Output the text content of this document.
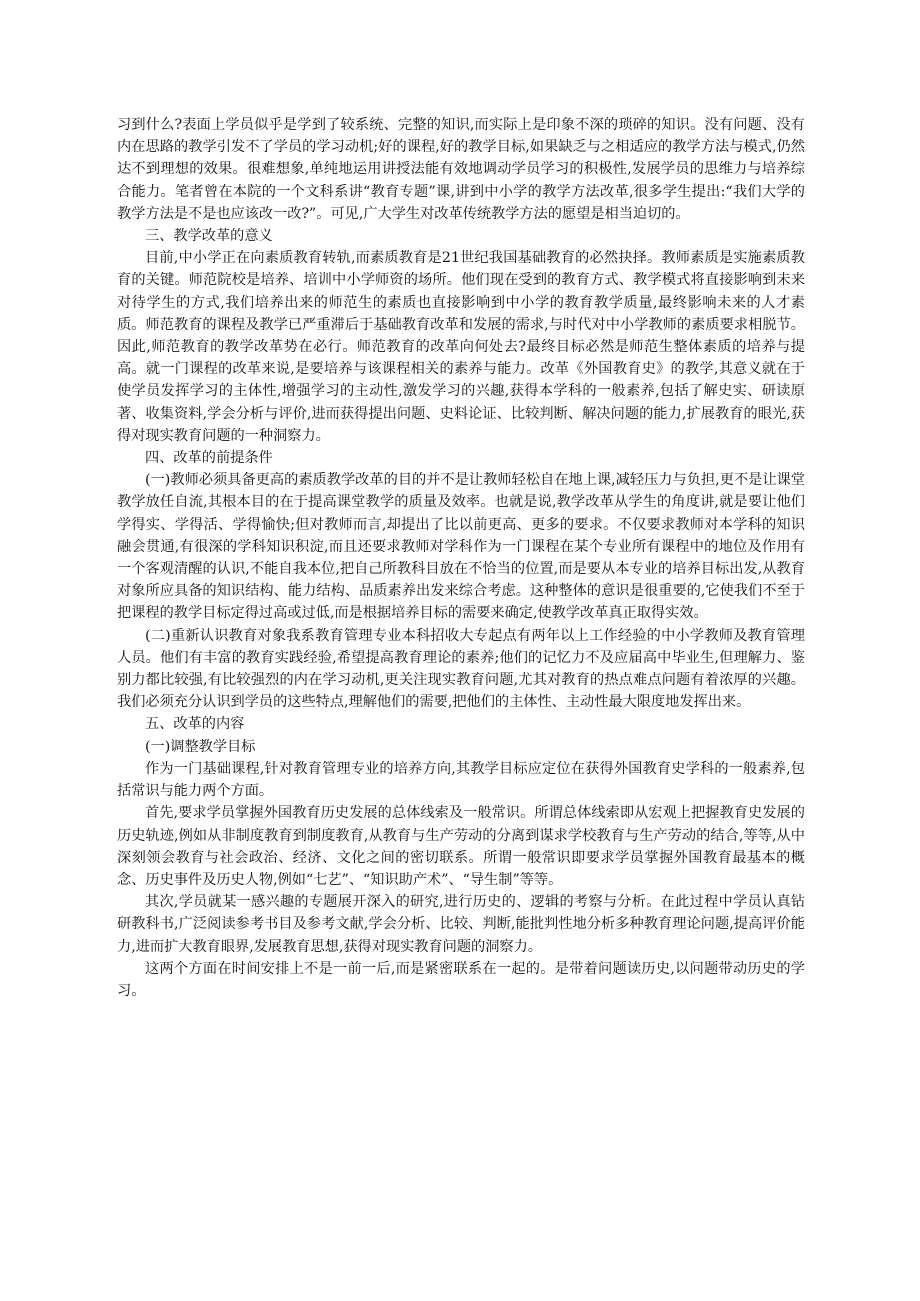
习到什么?表面上学员似乎是学到了较系统、完整的知识,而实际上是印象不深的琐碎的知识。没有问题、没有内在思路的教学引发不了学员的学习动机;好的课程,好的教学目标,如果缺乏与之相适应的教学方法与模式,仍然达不到理想的效果。很难想象,单纯地运用讲授法能有效地调动学员学习的积极性,发展学员的思维力与培养综合能力。笔者曾在本院的一个文科系讲“教育专题”课,讲到中小学的教学方法改革,很多学生提出:“我们大学的教学方法是不是也应该改一改?”。可见,广大学生对改革传统教学方法的愿望是相当迫切的。

三、教学改革的意义

目前,中小学正在向素质教育转轨,而素质教育是21世纪我国基础教育的必然抉择。教师素质是实施素质教育的关键。师范院校是培养、培训中小学师资的场所。他们现在受到的教育方式、教学模式将直接影响到未来对待学生的方式,我们培养出来的师范生的素质也直接影响到中小学的教育教学质量,最终影响未来的人才素质。师范教育的课程及教学已严重滞后于基础教育改革和发展的需求,与时代对中小学教师的素质要求相脱节。因此,师范教育的教学改革势在必行。师范教育的改革向何处去?最终目标必然是师范生整体素质的培养与提高。就一门课程的改革来说,是要培养与该课程相关的素养与能力。改革《外国教育史》的教学,其意义就在于使学员发挥学习的主体性,增强学习的主动性,激发学习的兴趣,获得本学科的一般素养,包括了解史实、研读原著、收集资料,学会分析与评价,进而获得提出问题、史料论证、比较判断、解决问题的能力,扩展教育的眼光,获得对现实教育问题的一种洞察力。

四、改革的前提条件

(一)教师必须具备更高的素质教学改革的目的并不是让教师轻松自在地上课,减轻压力与负担,更不是让课堂教学放任自流,其根本目的在于提高课堂教学的质量及效率。也就是说,教学改革从学生的角度讲,就是要让他们学得实、学得活、学得愉快;但对教师而言,却提出了比以前更高、更多的要求。不仅要求教师对本学科的知识融会贯通,有很深的学科知识积淀,而且还要求教师对学科作为一门课程在某个专业所有课程中的地位及作用有一个客观清醒的认识,不能自我本位,把自己所教科目放在不恰当的位置,而是要从本专业的培养目标出发,从教育对象所应具备的知识结构、能力结构、品质素养出发来综合考虑。这种整体的意识是很重要的,它使我们不至于把课程的教学目标定得过高或过低,而是根据培养目标的需要来确定,使教学改革真正取得实效。

(二)重新认识教育对象我系教育管理专业本科招收大专起点有两年以上工作经验的中小学教师及教育管理人员。他们有丰富的教育实践经验,希望提高教育理论的素养;他们的记忆力不及应届高中毕业生,但理解力、鉴别力都比较强,有比较强烈的内在学习动机,更关注现实教育问题,尤其对教育的热点难点问题有着浓厚的兴趣。我们必须充分认识到学员的这些特点,理解他们的需要,把他们的主体性、主动性最大限度地发挥出来。

五、改革的内容

(一)调整教学目标

作为一门基础课程,针对教育管理专业的培养方向,其教学目标应定位在获得外国教育史学科的一般素养,包括常识与能力两个方面。

首先,要求学员掌握外国教育历史发展的总体线索及一般常识。所谓总体线索即从宏观上把握教育史发展的历史轨迹,例如从非制度教育到制度教育,从教育与生产劳动的分离到谋求学校教育与生产劳动的结合,等等,从中深刻领会教育与社会政治、经济、文化之间的密切联系。所谓一般常识即要求学员掌握外国教育最基本的概念、历史事件及历史人物,例如“七艺”、“知识助产术”、“导生制”等等。

其次,学员就某一感兴趣的专题展开深入的研究,进行历史的、逻辑的考察与分析。在此过程中学员认真钻研教科书,广泛阅读参考书目及参考文献,学会分析、比较、判断,能批判性地分析多种教育理论问题,提高评价能力,进而扩大教育眼界,发展教育思想,获得对现实教育问题的洞察力。

这两个方面在时间安排上不是一前一后,而是紧密联系在一起的。是带着问题读历史,以问题带动历史的学习。
